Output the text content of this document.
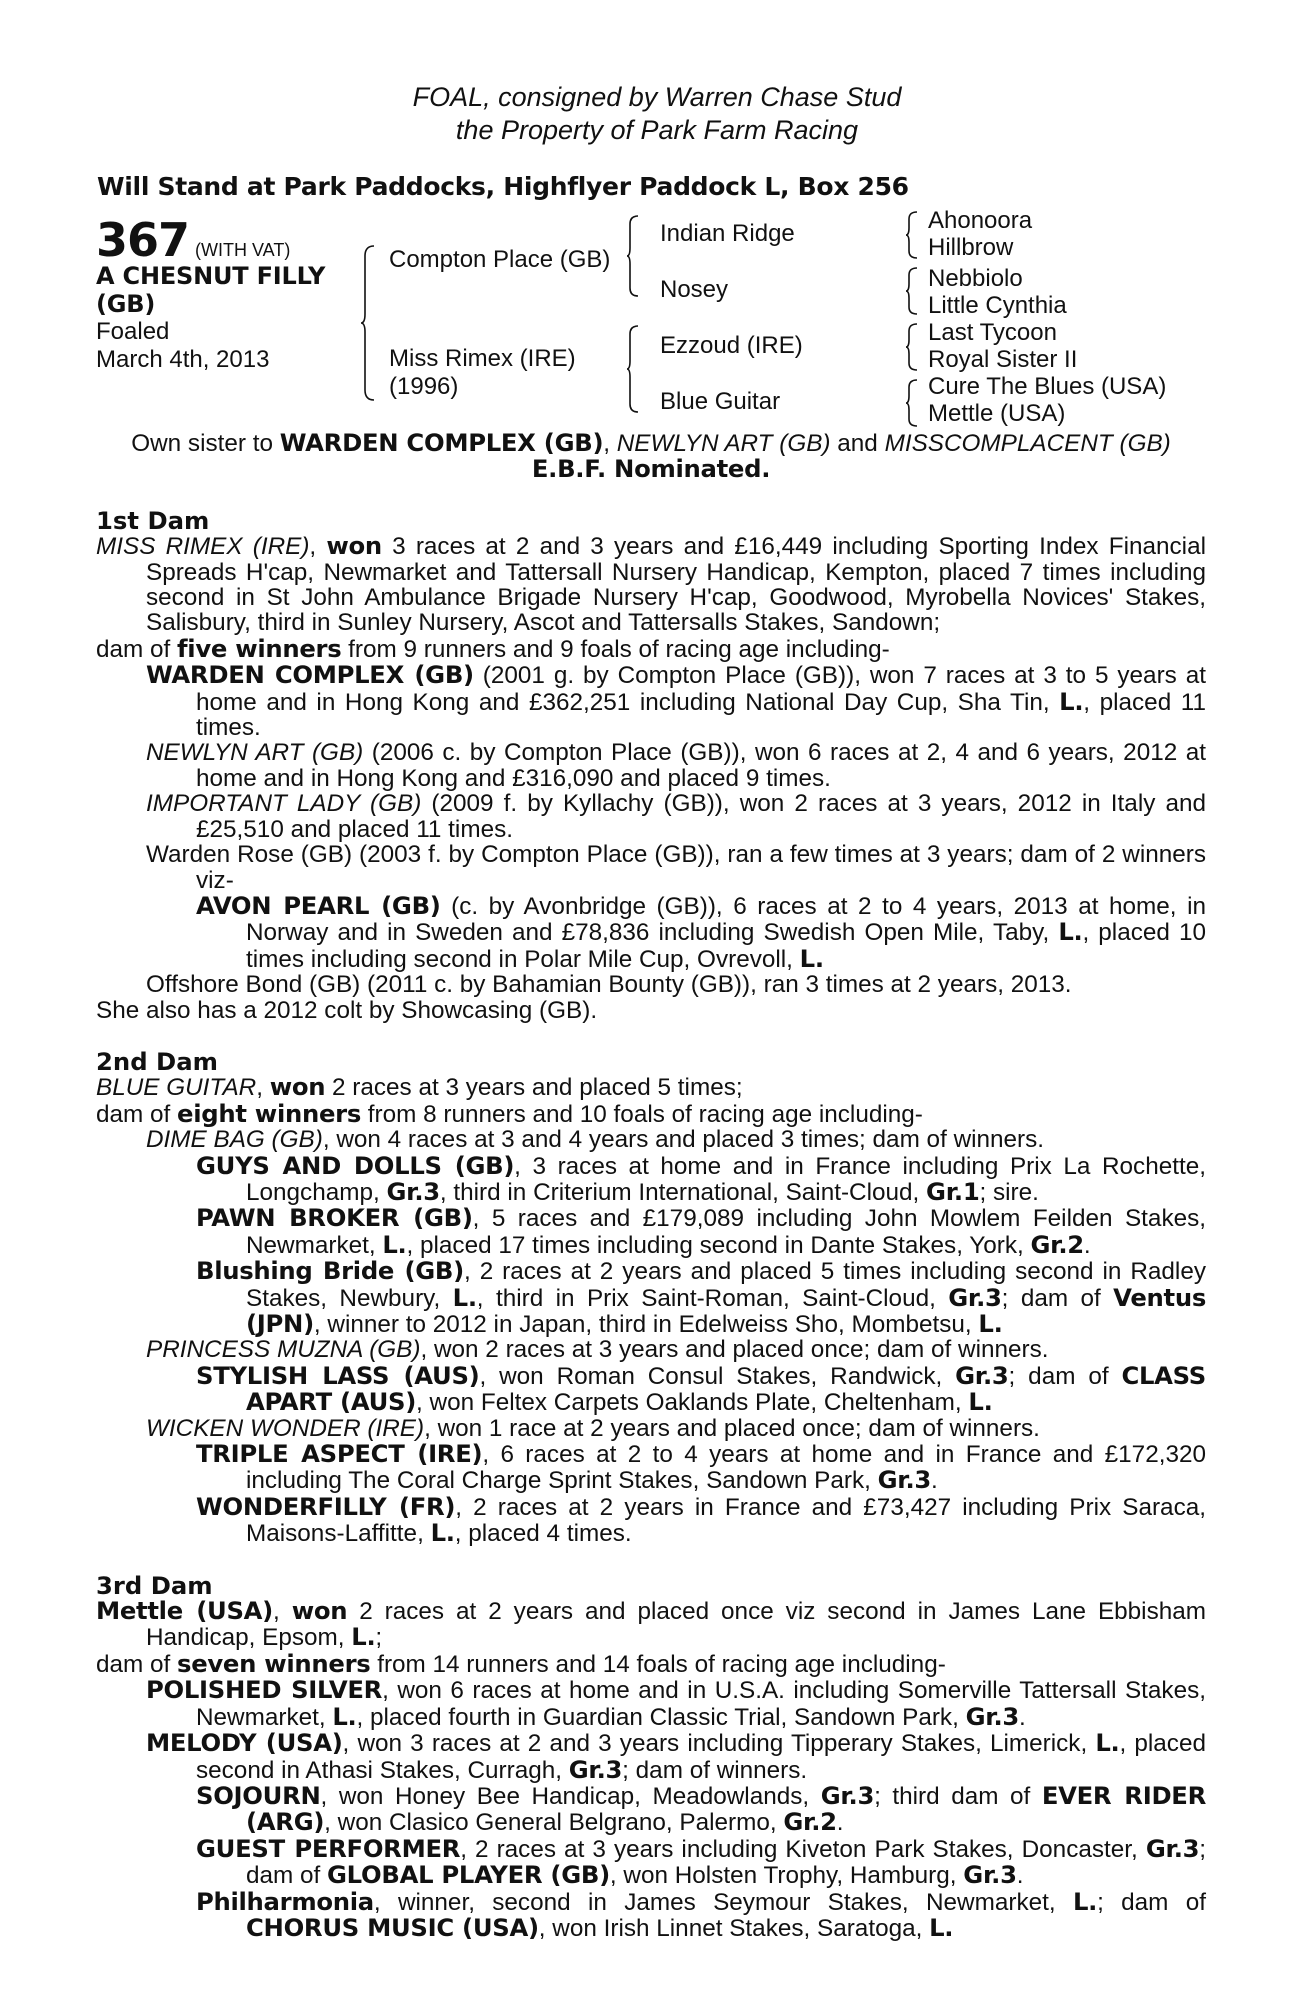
FOAL, consigned by Warren Chase Stud
the Property of Park Farm Racing
Will Stand at Park Paddocks, Highflyer Paddock L, Box 256
367 (WITH VAT)
A CHESNUT FILLY
(GB)
Foaled
March 4th, 2013
Compton Place (GB)
Miss Rimex (IRE)
(1996)
Indian Ridge
Nosey
Ezzoud (IRE)
Blue Guitar
Ahonoora
Hillbrow
Nebbiolo
Little Cynthia
Last Tycoon
Royal Sister II
Cure The Blues (USA)
Mettle (USA)
Own sister to WARDEN COMPLEX (GB), NEWLYN ART (GB) and MISSCOMPLACENT (GB)
E.B.F. Nominated.
1st Dam
MISS RIMEX (IRE), won 3 races at 2 and 3 years and £16,449 including Sporting Index Financial Spreads H'cap, Newmarket and Tattersall Nursery Handicap, Kempton, placed 7 times including second in St John Ambulance Brigade Nursery H'cap, Goodwood, Myrobella Novices' Stakes, Salisbury, third in Sunley Nursery, Ascot and Tattersalls Stakes, Sandown;
dam of five winners from 9 runners and 9 foals of racing age including-
WARDEN COMPLEX (GB) (2001 g. by Compton Place (GB)), won 7 races at 3 to 5 years at home and in Hong Kong and £362,251 including National Day Cup, Sha Tin, L., placed 11 times.
NEWLYN ART (GB) (2006 c. by Compton Place (GB)), won 6 races at 2, 4 and 6 years, 2012 at home and in Hong Kong and £316,090 and placed 9 times.
IMPORTANT LADY (GB) (2009 f. by Kyllachy (GB)), won 2 races at 3 years, 2012 in Italy and £25,510 and placed 11 times.
Warden Rose (GB) (2003 f. by Compton Place (GB)), ran a few times at 3 years; dam of 2 winners viz-
AVON PEARL (GB) (c. by Avonbridge (GB)), 6 races at 2 to 4 years, 2013 at home, in Norway and in Sweden and £78,836 including Swedish Open Mile, Taby, L., placed 10 times including second in Polar Mile Cup, Ovrevoll, L.
Offshore Bond (GB) (2011 c. by Bahamian Bounty (GB)), ran 3 times at 2 years, 2013.
She also has a 2012 colt by Showcasing (GB).
2nd Dam
BLUE GUITAR, won 2 races at 3 years and placed 5 times;
dam of eight winners from 8 runners and 10 foals of racing age including-
DIME BAG (GB), won 4 races at 3 and 4 years and placed 3 times; dam of winners.
GUYS AND DOLLS (GB), 3 races at home and in France including Prix La Rochette, Longchamp, Gr.3, third in Criterium International, Saint-Cloud, Gr.1; sire.
PAWN BROKER (GB), 5 races and £179,089 including John Mowlem Feilden Stakes, Newmarket, L., placed 17 times including second in Dante Stakes, York, Gr.2.
Blushing Bride (GB), 2 races at 2 years and placed 5 times including second in Radley Stakes, Newbury, L., third in Prix Saint-Roman, Saint-Cloud, Gr.3; dam of Ventus (JPN), winner to 2012 in Japan, third in Edelweiss Sho, Mombetsu, L.
PRINCESS MUZNA (GB), won 2 races at 3 years and placed once; dam of winners.
STYLISH LASS (AUS), won Roman Consul Stakes, Randwick, Gr.3; dam of CLASS APART (AUS), won Feltex Carpets Oaklands Plate, Cheltenham, L.
WICKEN WONDER (IRE), won 1 race at 2 years and placed once; dam of winners.
TRIPLE ASPECT (IRE), 6 races at 2 to 4 years at home and in France and £172,320 including The Coral Charge Sprint Stakes, Sandown Park, Gr.3.
WONDERFILLY (FR), 2 races at 2 years in France and £73,427 including Prix Saraca, Maisons-Laffitte, L., placed 4 times.
3rd Dam
Mettle (USA), won 2 races at 2 years and placed once viz second in James Lane Ebbisham Handicap, Epsom, L.;
dam of seven winners from 14 runners and 14 foals of racing age including-
POLISHED SILVER, won 6 races at home and in U.S.A. including Somerville Tattersall Stakes, Newmarket, L., placed fourth in Guardian Classic Trial, Sandown Park, Gr.3.
MELODY (USA), won 3 races at 2 and 3 years including Tipperary Stakes, Limerick, L., placed second in Athasi Stakes, Curragh, Gr.3; dam of winners.
SOJOURN, won Honey Bee Handicap, Meadowlands, Gr.3; third dam of EVER RIDER (ARG), won Clasico General Belgrano, Palermo, Gr.2.
GUEST PERFORMER, 2 races at 3 years including Kiveton Park Stakes, Doncaster, Gr.3; dam of GLOBAL PLAYER (GB), won Holsten Trophy, Hamburg, Gr.3.
Philharmonia, winner, second in James Seymour Stakes, Newmarket, L.; dam of CHORUS MUSIC (USA), won Irish Linnet Stakes, Saratoga, L.
